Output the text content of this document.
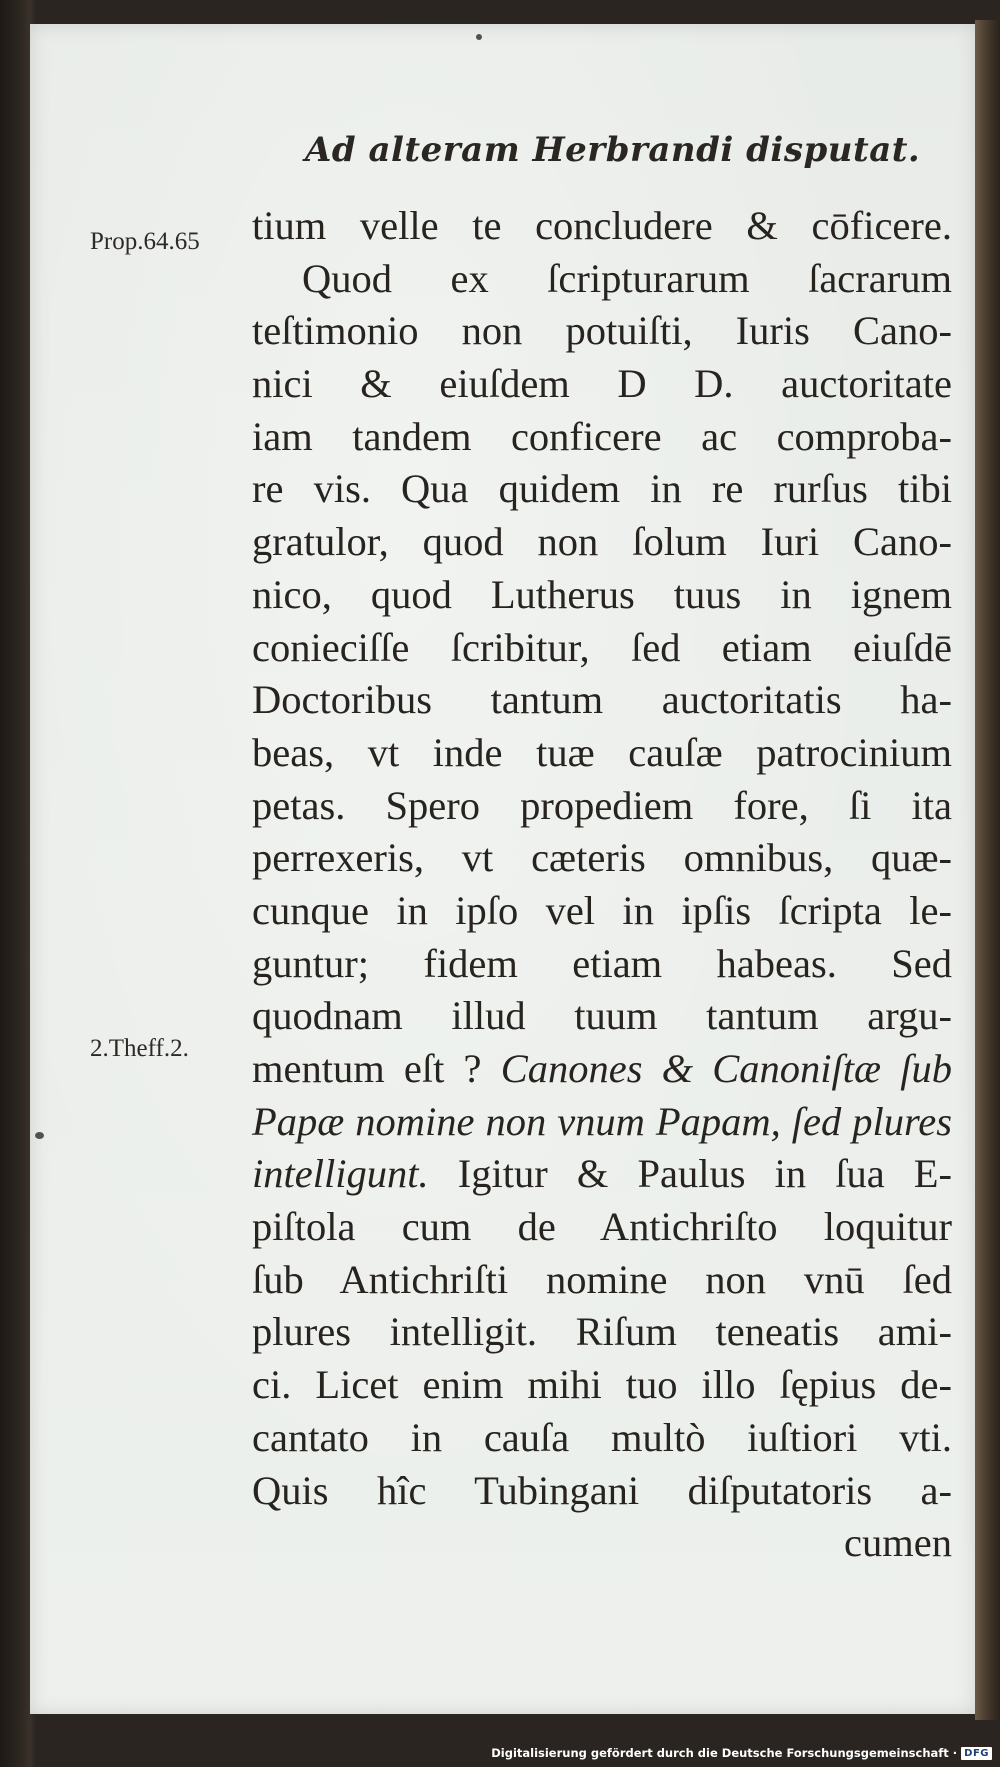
Ad alteram Herbrandi disputat.
Prop.64.65
2.Theff.2.
tium velle te concludere & cōficere.
Quod ex ſcripturarum ſacrarum
teſtimonio non potuiſti, Iuris Cano-
nici & eiuſdem D D. auctoritate
iam tandem conficere ac comproba-
re vis. Qua quidem in re rurſus tibi
gratulor, quod non ſolum Iuri Cano-
nico, quod Lutherus tuus in ignem
conieciſſe ſcribitur, ſed etiam eiuſdē
Doctoribus tantum auctoritatis ha-
beas, vt inde tuæ cauſæ patrocinium
petas. Spero propediem fore, ſi ita
perrexeris, vt cæteris omnibus, quæ-
cunque in ipſo vel in ipſis ſcripta le-
guntur; fidem etiam habeas. Sed
quodnam illud tuum tantum argu-
mentum eſt ? Canones & Canoniſtæ ſub
Papæ nomine non vnum Papam, ſed plures
intelligunt. Igitur & Paulus in ſua E-
piſtola cum de Antichriſto loquitur
ſub Antichriſti nomine non vnū ſed
plures intelligit. Riſum teneatis ami-
ci. Licet enim mihi tuo illo ſępius de-
cantato in cauſa multò iuſtiori vti.
Quis hîc Tubingani diſputatoris a-
cumen
Digitalisierung gefördert durch die Deutsche Forschungsgemeinschaft · DFG
